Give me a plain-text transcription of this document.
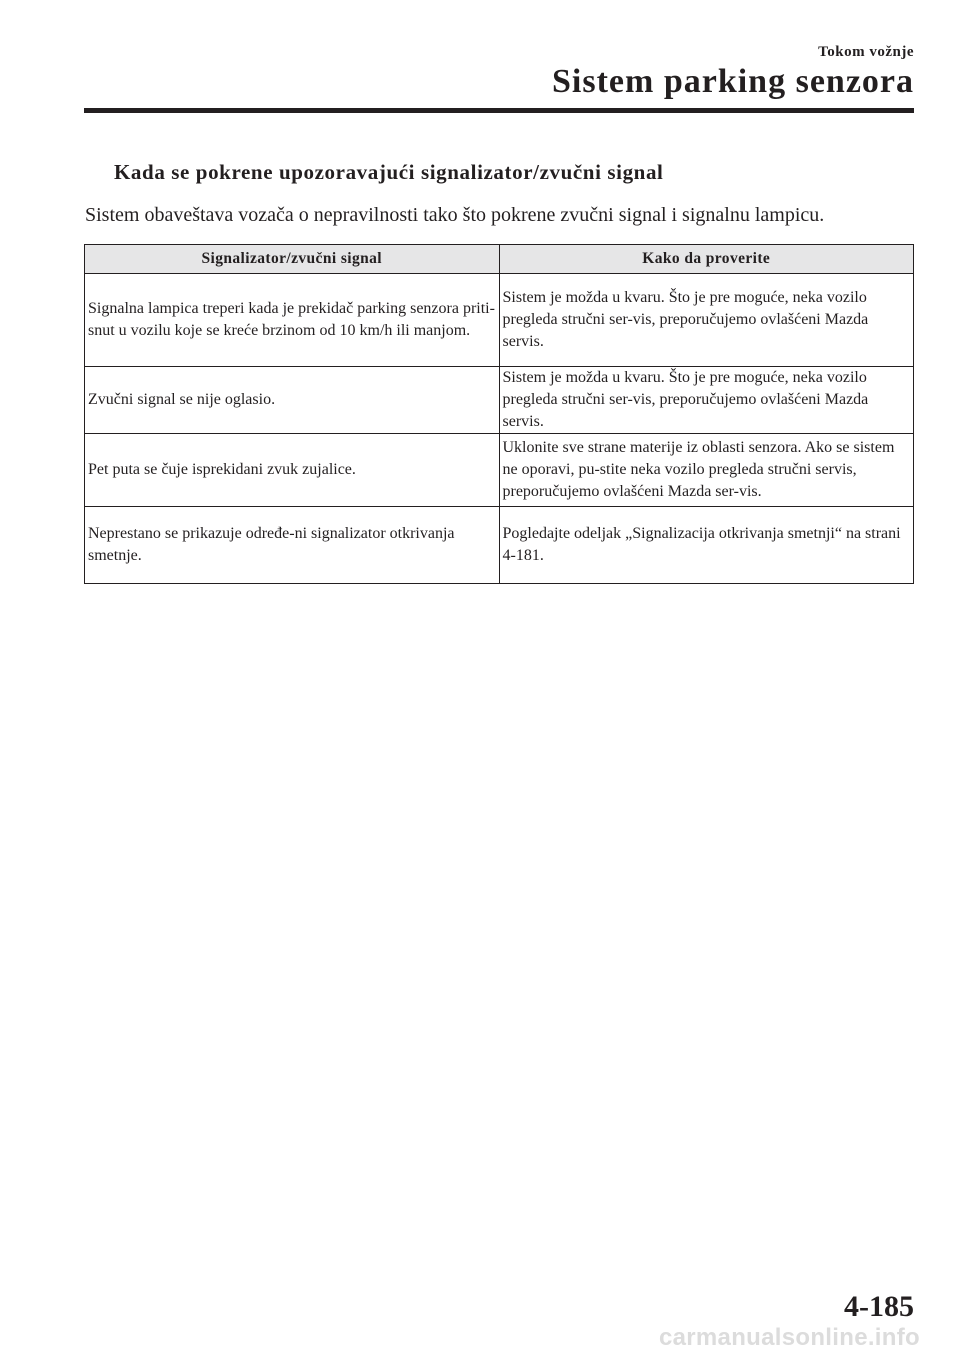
Tokom vožnje
Sistem parking senzora
Kada se pokrene upozoravajući signalizator/zvučni signal
Sistem obaveštava vozača o nepravilnosti tako što pokrene zvučni signal i signalnu lampicu.
Signalizator/zvučni signal	Kako da proverite
Signalna lampica treperi kada je prekidač parking senzora priti-snut u vozilu koje se kreće brzinom od 10 km/h ili manjom.	Sistem je možda u kvaru. Što je pre moguće, neka vozilo pregleda stručni ser-vis, preporučujemo ovlašćeni Mazda servis.
Zvučni signal se nije oglasio.	Sistem je možda u kvaru. Što je pre moguće, neka vozilo pregleda stručni ser-vis, preporučujemo ovlašćeni Mazda servis.
Pet puta se čuje isprekidani zvuk zujalice.	Uklonite sve strane materije iz oblasti senzora. Ako se sistem ne oporavi, pu-stite neka vozilo pregleda stručni servis, preporučujemo ovlašćeni Mazda ser-vis.
Neprestano se prikazuje određe-ni signalizator otkrivanja smetnje.	Pogledajte odeljak „Signalizacija otkrivanja smetnji“ na strani 4-181.
4-185
carmanualsonline.info
